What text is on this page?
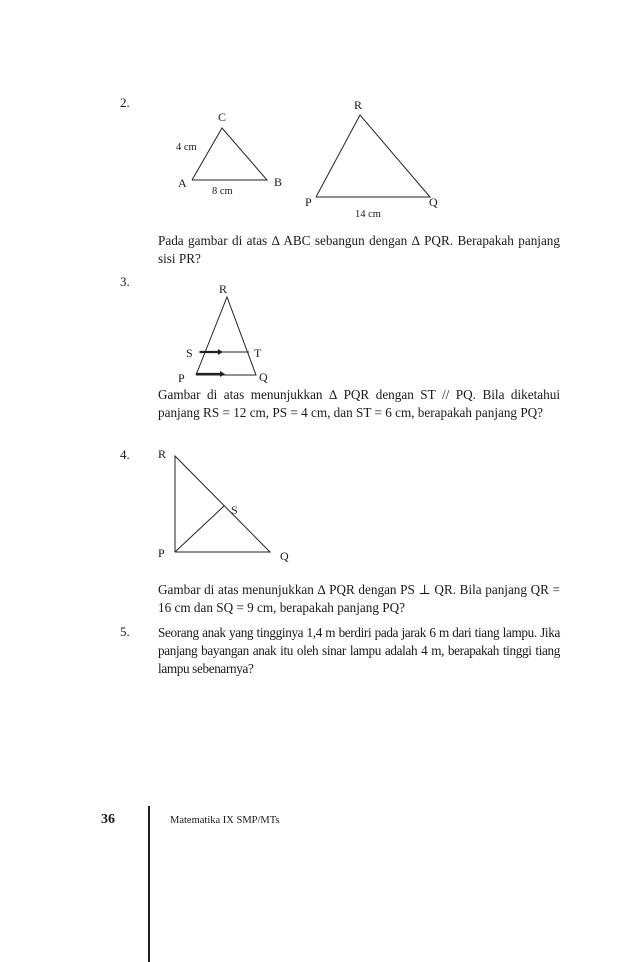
2.
C
4 cm
A	B
8 cm
R
P	Q
14 cm
Pada gambar di atas ∆ ABC sebangun dengan ∆ PQR. Berapakah panjang sisi PR?
3.	R
S	T
P	Q
Gambar di atas menunjukkan ∆ PQR dengan ST // PQ. Bila diketahui panjang RS = 12 cm, PS = 4 cm, dan ST = 6 cm, berapakah panjang PQ?
4. R
S
P	Q
Gambar di atas menunjukkan ∆ PQR dengan PS ⊥ QR. Bila panjang QR = 16 cm dan SQ = 9 cm, berapakah panjang PQ?
5. Seorang anak yang tingginya 1,4 m berdiri pada jarak 6 m dari tiang lampu. Jika panjang bayangan anak itu oleh sinar lampu adalah 4 m, berapakah tinggi tiang lampu sebenarnya?
36	Matematika IX SMP/MTs
